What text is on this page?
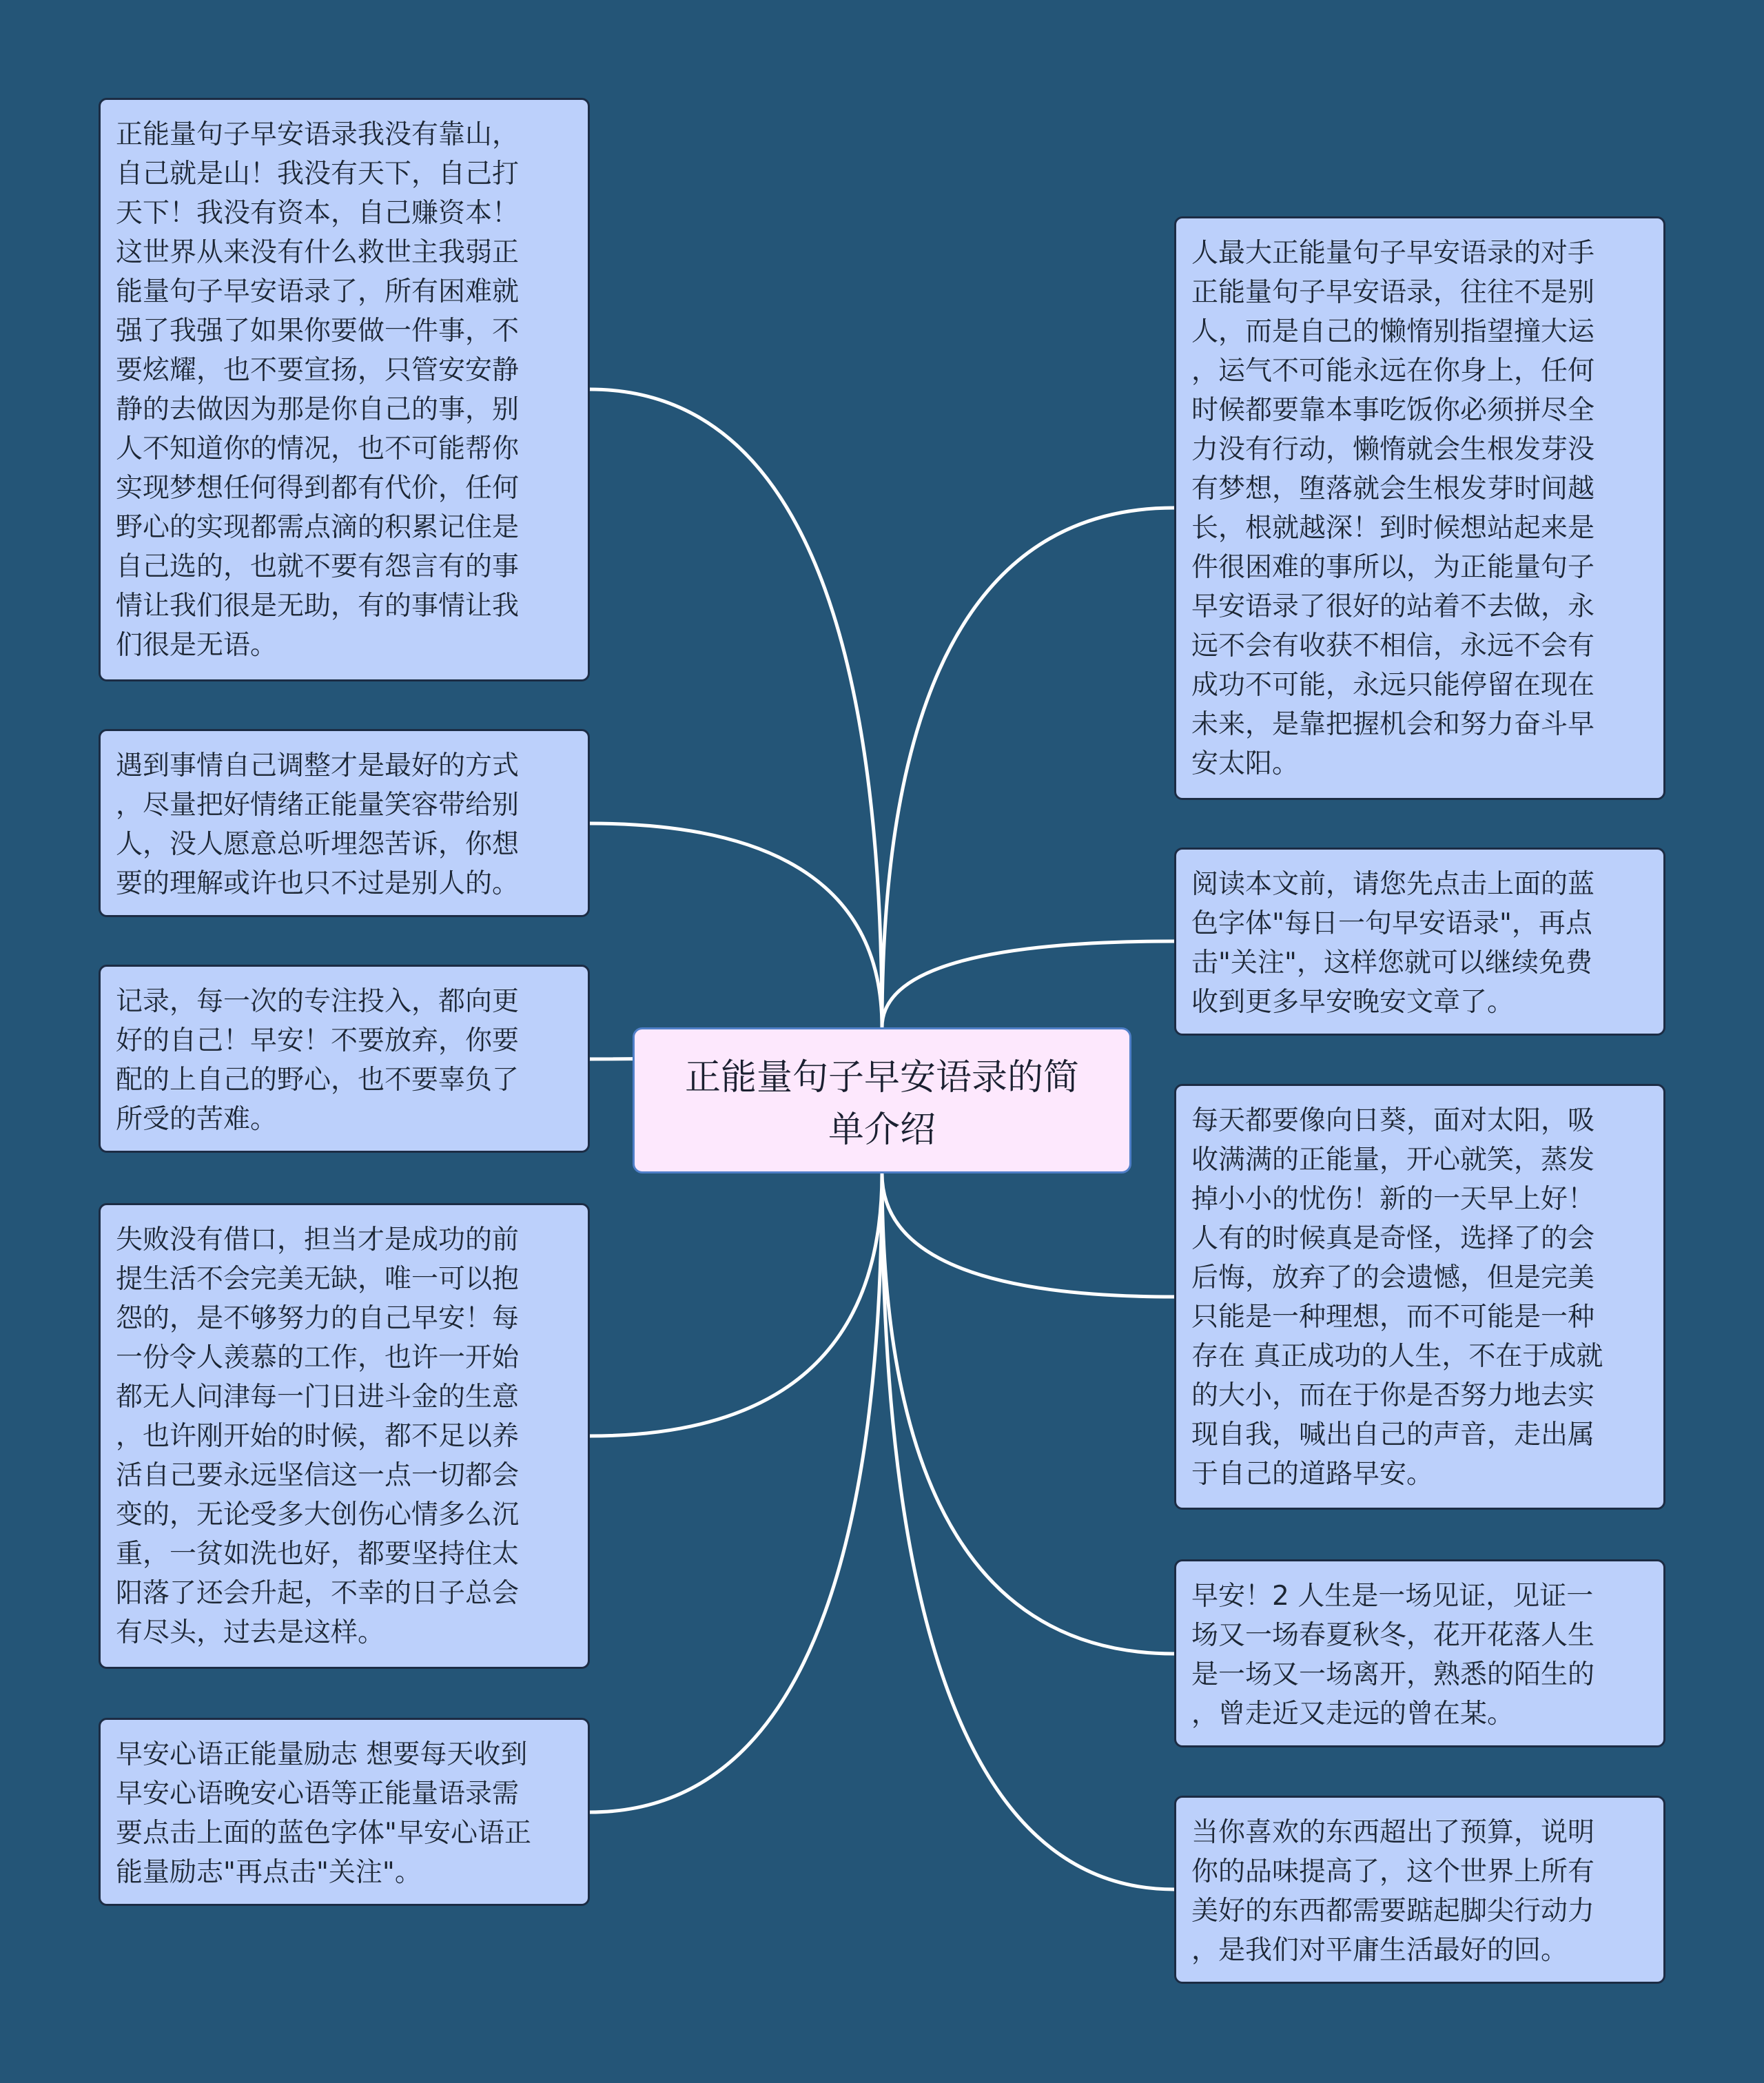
正能量句子早安语录的简
单介绍
正能量句子早安语录我没有靠山，
自己就是山！我没有天下，自己打
天下！我没有资本，自己赚资本！
这世界从来没有什么救世主我弱正
能量句子早安语录了，所有困难就
强了我强了如果你要做一件事，不
要炫耀，也不要宣扬，只管安安静
静的去做因为那是你自己的事，别
人不知道你的情况，也不可能帮你
实现梦想任何得到都有代价，任何
野心的实现都需点滴的积累记住是
自己选的，也就不要有怨言有的事
情让我们很是无助，有的事情让我
们很是无语。
遇到事情自己调整才是最好的方式
，尽量把好情绪正能量笑容带给别
人，没人愿意总听埋怨苦诉，你想
要的理解或许也只不过是别人的。
记录，每一次的专注投入，都向更
好的自己！早安！不要放弃，你要
配的上自己的野心，也不要辜负了
所受的苦难。
失败没有借口，担当才是成功的前
提生活不会完美无缺，唯一可以抱
怨的，是不够努力的自己早安！每
一份令人羡慕的工作，也许一开始
都无人问津每一门日进斗金的生意
，也许刚开始的时候，都不足以养
活自己要永远坚信这一点一切都会
变的，无论受多大创伤心情多么沉
重，一贫如洗也好，都要坚持住太
阳落了还会升起，不幸的日子总会
有尽头，过去是这样。
早安心语正能量励志 想要每天收到
早安心语晚安心语等正能量语录需
要点击上面的蓝色字体"早安心语正
能量励志"再点击"关注"。
人最大正能量句子早安语录的对手
正能量句子早安语录，往往不是别
人，而是自己的懒惰别指望撞大运
，运气不可能永远在你身上，任何
时候都要靠本事吃饭你必须拼尽全
力没有行动，懒惰就会生根发芽没
有梦想，堕落就会生根发芽时间越
长，根就越深！到时候想站起来是
件很困难的事所以，为正能量句子
早安语录了很好的站着不去做，永
远不会有收获不相信，永远不会有
成功不可能，永远只能停留在现在
未来，是靠把握机会和努力奋斗早
安太阳。
阅读本文前，请您先点击上面的蓝
色字体"每日一句早安语录"，再点
击"关注"，这样您就可以继续免费
收到更多早安晚安文章了。
每天都要像向日葵，面对太阳，吸
收满满的正能量，开心就笑，蒸发
掉小小的忧伤！新的一天早上好！
人有的时候真是奇怪，选择了的会
后悔，放弃了的会遗憾，但是完美
只能是一种理想，而不可能是一种
存在 真正成功的人生，不在于成就
的大小，而在于你是否努力地去实
现自我，喊出自己的声音，走出属
于自己的道路早安。
早安！2 人生是一场见证，见证一
场又一场春夏秋冬，花开花落人生
是一场又一场离开，熟悉的陌生的
，曾走近又走远的曾在某。
当你喜欢的东西超出了预算，说明
你的品味提高了，这个世界上所有
美好的东西都需要踮起脚尖行动力
，是我们对平庸生活最好的回。
